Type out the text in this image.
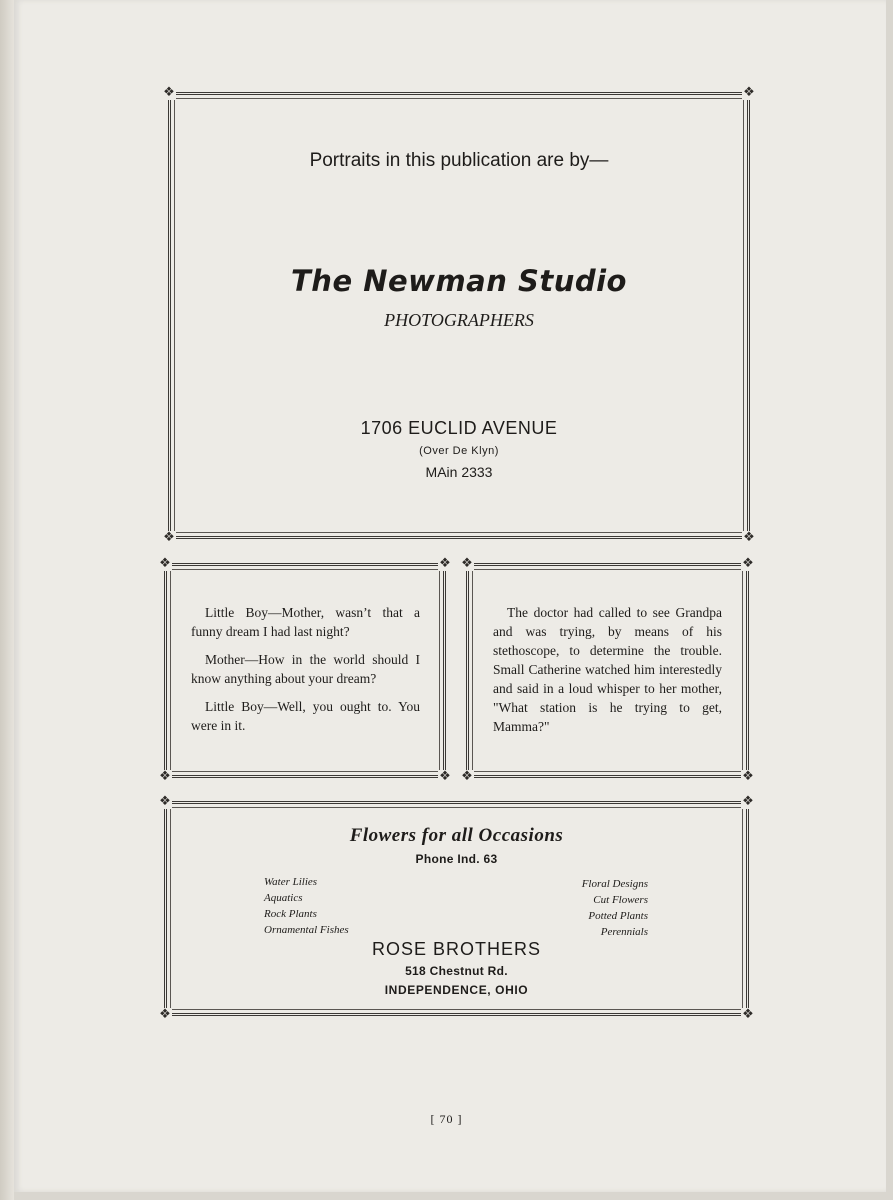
❖	❖
❖	❖
Portraits in this publication are by—
The Newman Studio
PHOTOGRAPHERS
1706 EUCLID AVENUE
(Over De Klyn)
MAin 2333
❖	❖
❖	❖

Little Boy—Mother, wasn’t that a funny dream I had last night?

Mother—How in the world should I know anything about your dream?

Little Boy—Well, you ought to. You were in it.

❖	❖
❖	❖

The doctor had called to see Grandpa and was trying, by means of his stethoscope, to determine the trouble. Small Catherine watched him interestedly and said in a loud whisper to her mother, "What station is he trying to get, Mamma?"

❖	❖
❖	❖
Flowers for all Occasions
Phone Ind. 63
Water Lilies
Aquatics
Rock Plants
Ornamental Fishes
Floral Designs
Cut Flowers
Potted Plants
Perennials
ROSE BROTHERS
518 Chestnut Rd.
INDEPENDENCE, OHIO
[ 70 ]
